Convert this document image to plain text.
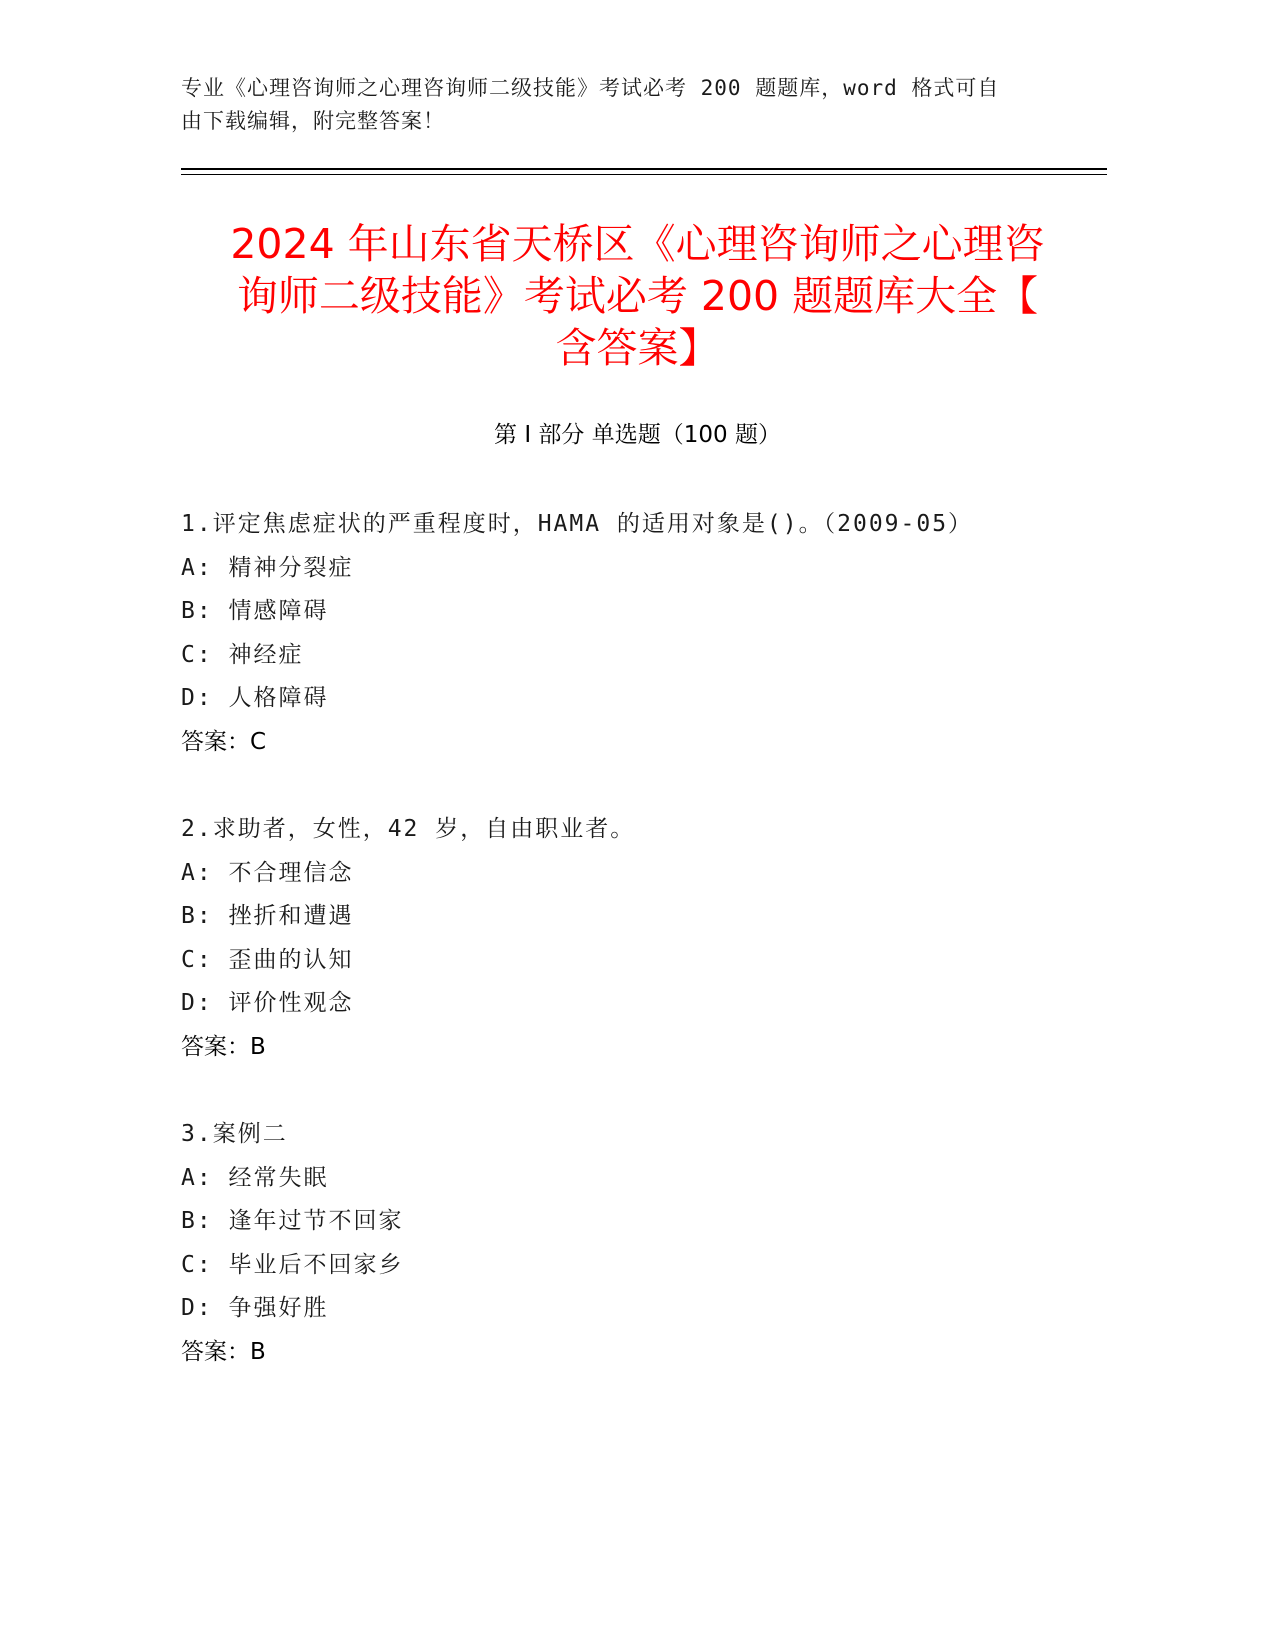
专业《心理咨询师之心理咨询师二级技能》考试必考 200 题题库，word 格式可自
由下载编辑，附完整答案！
2024 年山东省天桥区《心理咨询师之心理咨
询师二级技能》考试必考 200 题题库大全【
含答案】
第 I 部分 单选题（100 题）
1.评定焦虑症状的严重程度时，HAMA 的适用对象是()。（2009-05）
A: 精神分裂症
B: 情感障碍
C: 神经症
D: 人格障碍
答案：C
2.求助者，女性，42 岁，自由职业者。
A: 不合理信念
B: 挫折和遭遇
C: 歪曲的认知
D: 评价性观念
答案：B
3.案例二
A: 经常失眠
B: 逢年过节不回家
C: 毕业后不回家乡
D: 争强好胜
答案：B
